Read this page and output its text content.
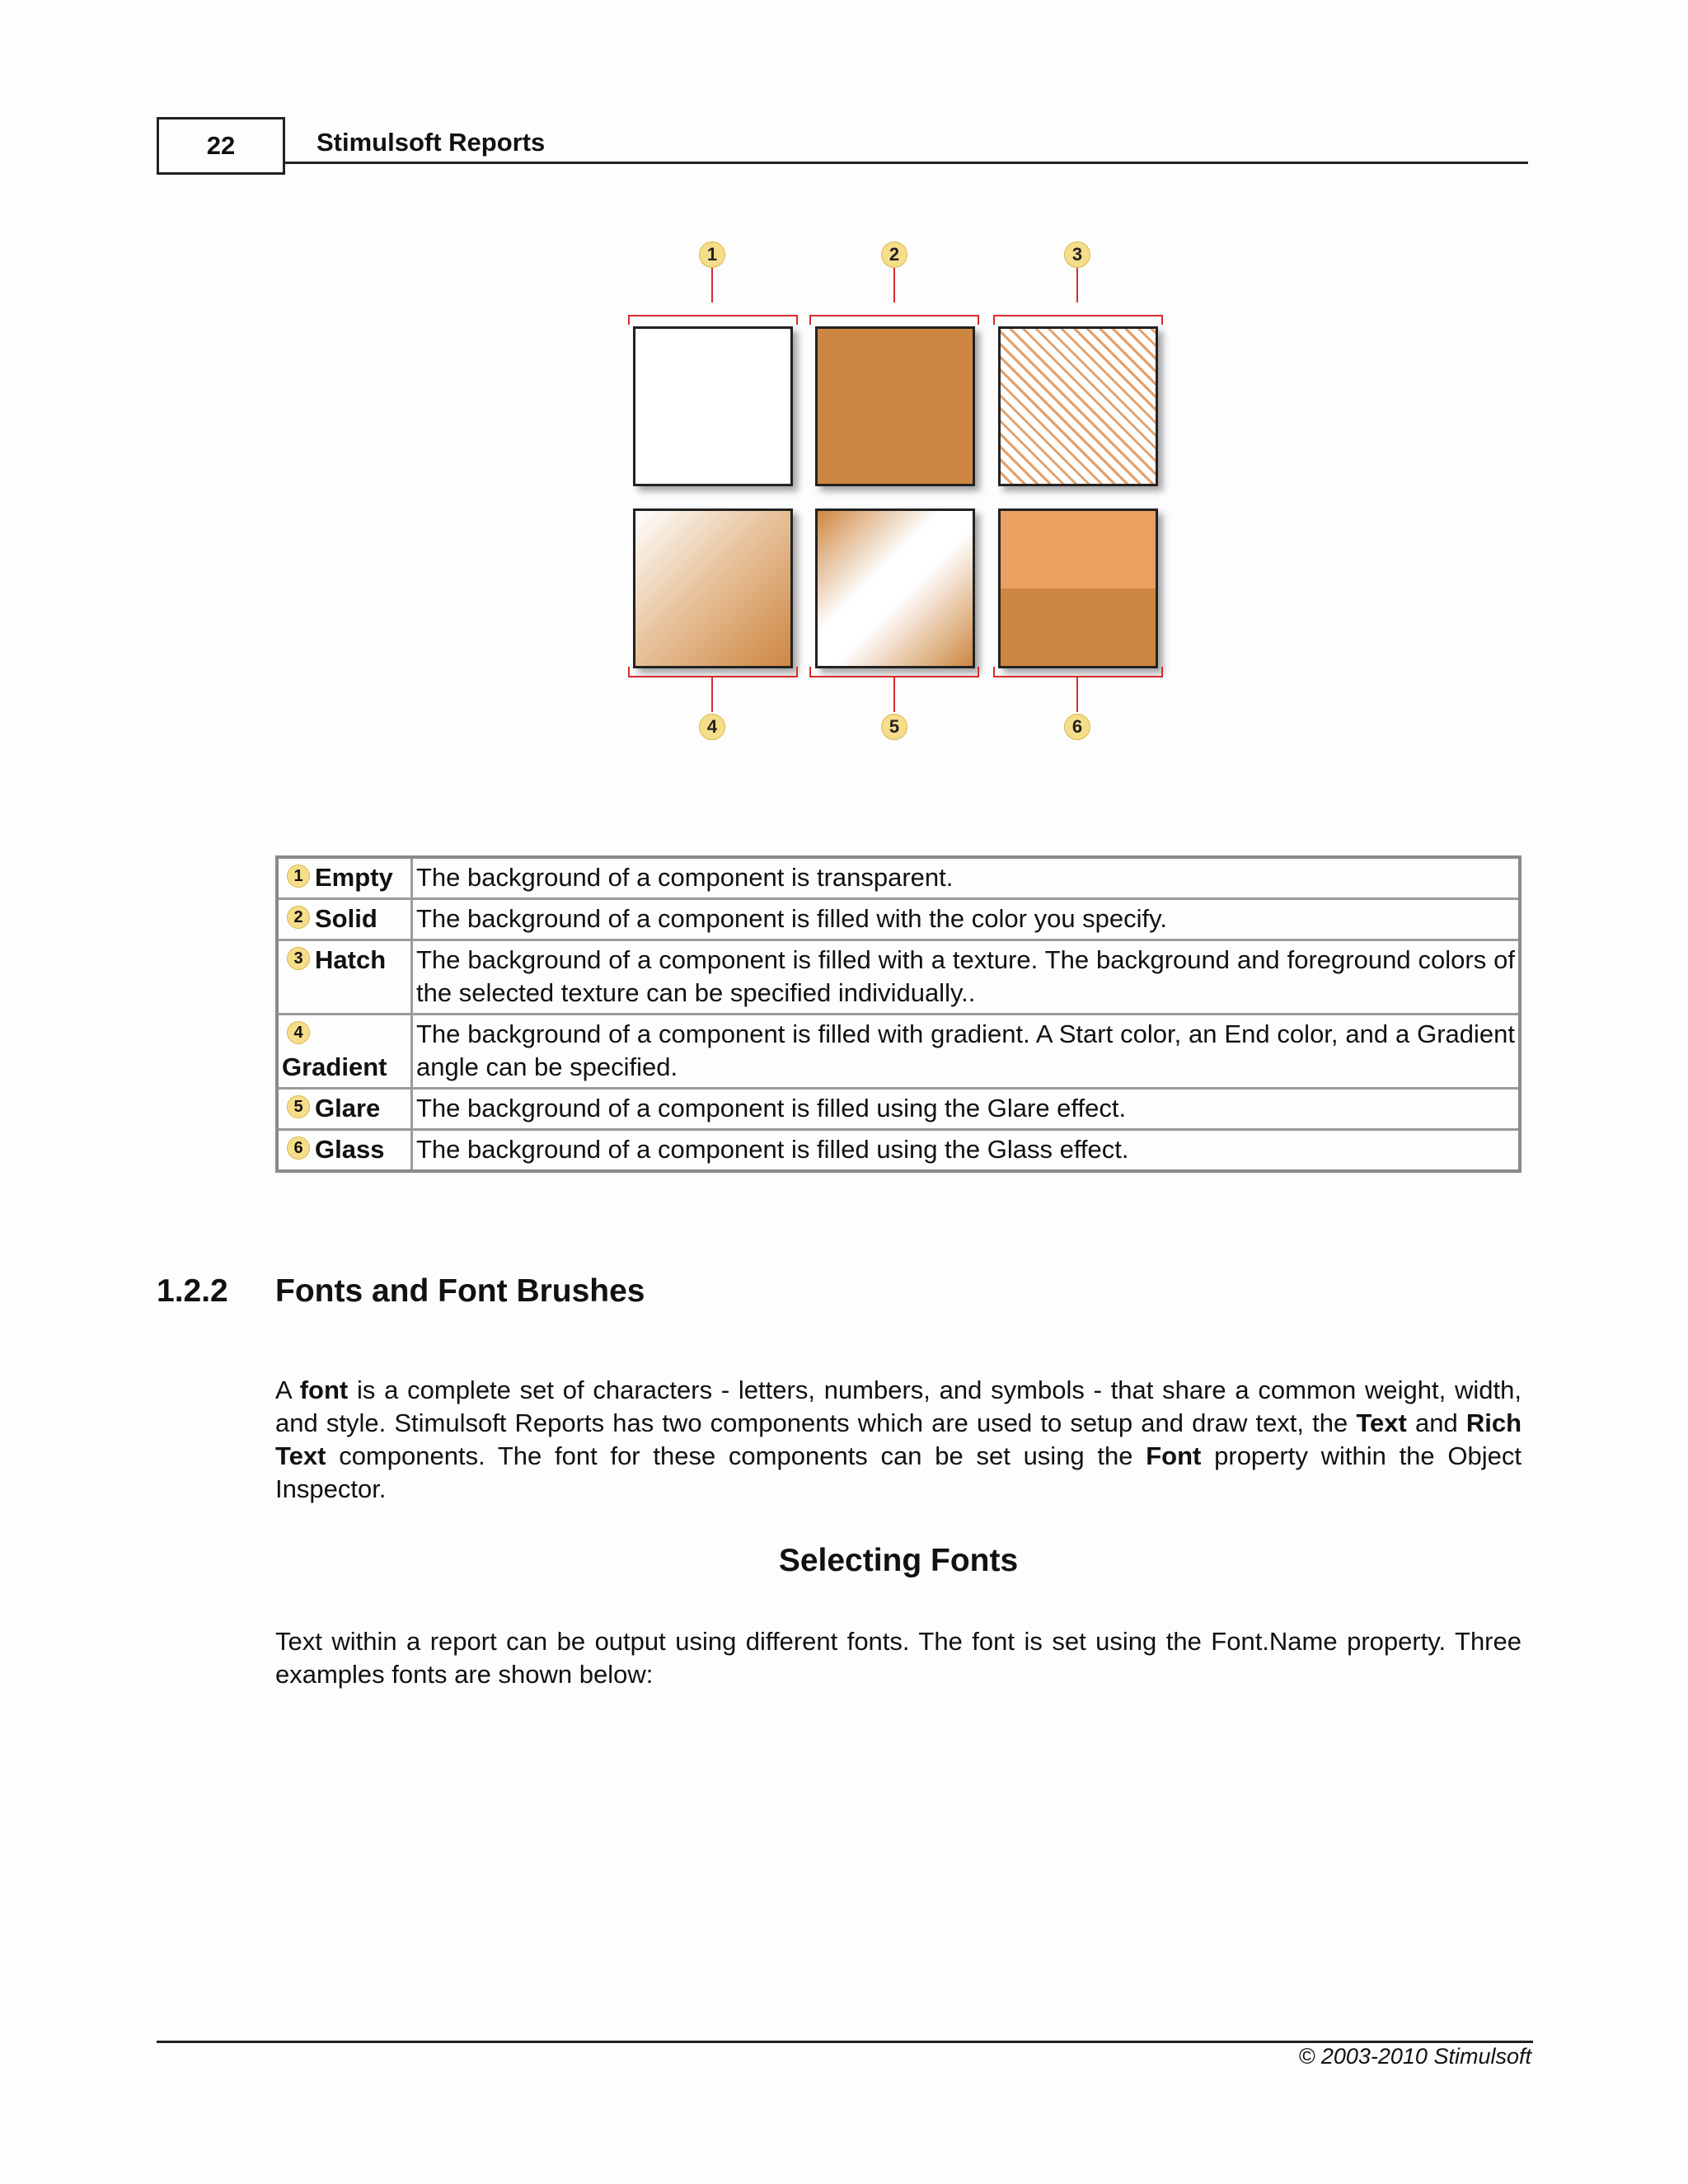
22	Stimulsoft Reports
1	2	3
4	5	6
1 Empty	The background of a component is transparent.
2 Solid	The background of a component is filled with the color you specify.
3 Hatch	The background of a component is filled with a texture. The background and foreground colors of the selected texture can be specified individually..
4
Gradient	The background of a component is filled with gradient. A Start color, an End color, and a Gradient angle can be specified.
5 Glare	The background of a component is filled using the Glare effect.
6 Glass	The background of a component is filled using the Glass effect.
1.2.2 Fonts and Font Brushes
A font is a complete set of characters - letters, numbers, and symbols - that share a common weight, width, and style. Stimulsoft Reports has two components which are used to setup and draw text, the Text and Rich Text components. The font for these components can be set using the Font property within the Object Inspector.
Selecting Fonts
Text within a report can be output using different fonts. The font is set using the Font.Name property. Three examples fonts are shown below:
© 2003-2010 Stimulsoft
